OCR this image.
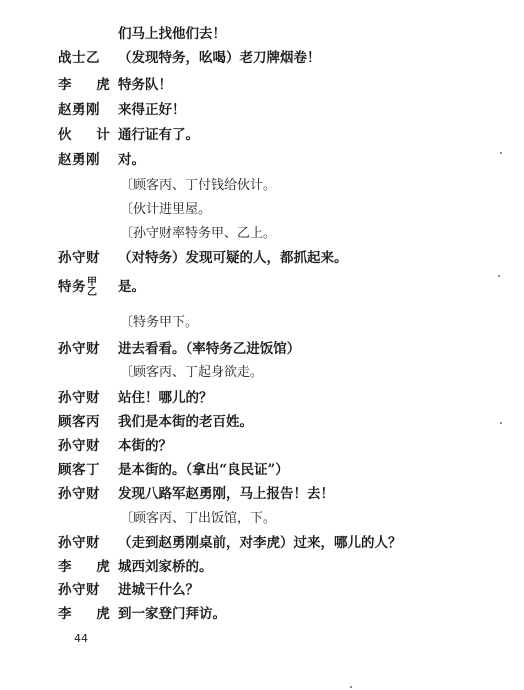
们马上找他们去！
战士乙 （发现特务，吆喝）老刀牌烟卷！
李 虎
特务队！
赵勇刚 来得正好！
伙 计
通行证有了。
赵勇刚 对。
〔顾客丙、丁付钱给伙计。
〔伙计进里屋。
〔孙守财率特务甲、乙上。
孙守财 （对特务）发现可疑的人，都抓起来。
特务 甲
乙 是。
〔特务甲下。
孙守财 进去看看。（率特务乙进饭馆）
〔顾客丙、丁起身欲走。
孙守财 站住！哪儿的？
顾客丙 我们是本街的老百姓。
孙守财 本街的？
顾客丁 是本街的。（拿出“良民证”）
孙守财 发现八路军赵勇刚，马上报告！去！
〔顾客丙、丁出饭馆，下。
孙守财 （走到赵勇刚桌前，对李虎）过来，哪儿的人？
李 虎
城西刘家桥的。
孙守财 进城干什么？
李 虎
到一家登门拜访。
44
